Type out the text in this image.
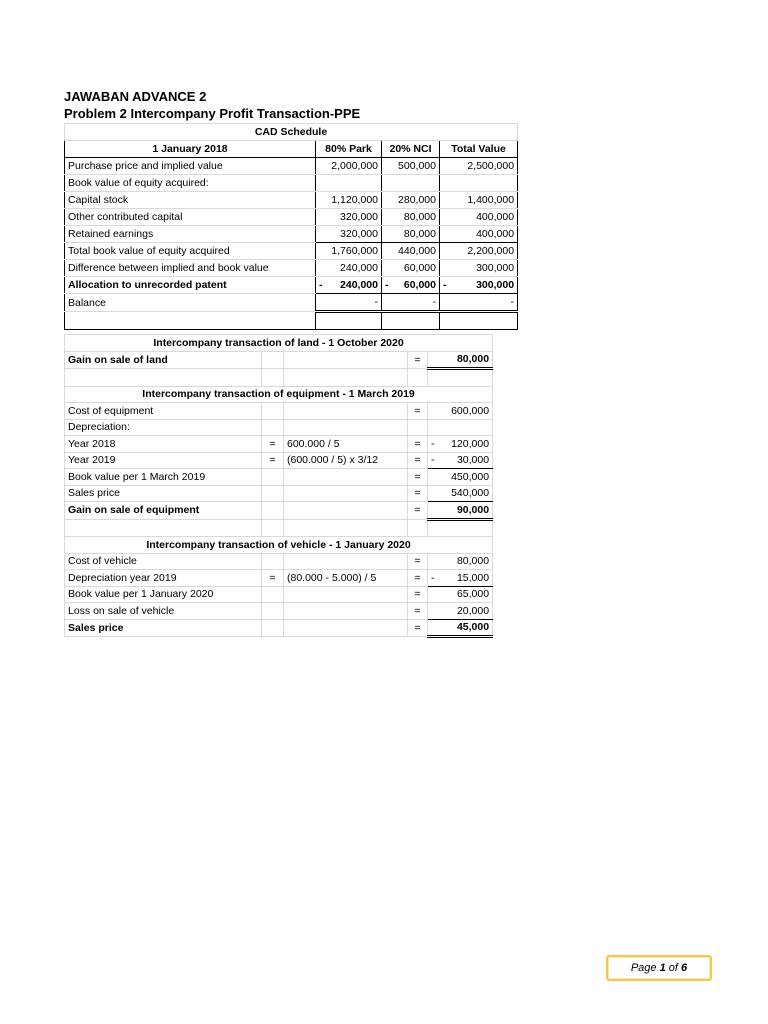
JAWABAN ADVANCE 2
Problem 2 Intercompany Profit Transaction-PPE
CAD Schedule			
1 January 2018	80% Park	20% NCI	Total Value
Purchase price and implied value	2,000,000	500,000	2,500,000
Book value of equity acquired:			
Capital stock	1,120,000	280,000	1,400,000
Other contributed capital	320,000	80,000	400,000
Retained earnings	320,000	80,000	400,000
Total book value of equity acquired	1,760,000	440,000	2,200,000
Difference between implied and book value	240,000	60,000	300,000
Allocation to unrecorded patent	- 240,000	- 60,000	- 300,000
Balance	-	-	-

Intercompany transaction of land - 1 October 2020				
Gain on sale of land			=	80,000

Intercompany transaction of equipment - 1 March 2019				
Cost of equipment			=	600,000
Depreciation:				
Year 2018	=	600.000 / 5	=	- 120,000
Year 2019	=	(600.000 / 5) x 3/12	=	- 30,000
Book value per 1 March 2019			=	450,000
Sales price			=	540,000
Gain on sale of equipment			=	90,000

Intercompany transaction of vehicle - 1 January 2020				
Cost of vehicle			=	80,000
Depreciation year 2019	=	(80.000 - 5.000) / 5	=	- 15,000
Book value per 1 January 2020			=	65,000
Loss on sale of vehicle			=	20,000
Sales price			=	45,000
Page 1 of 6
